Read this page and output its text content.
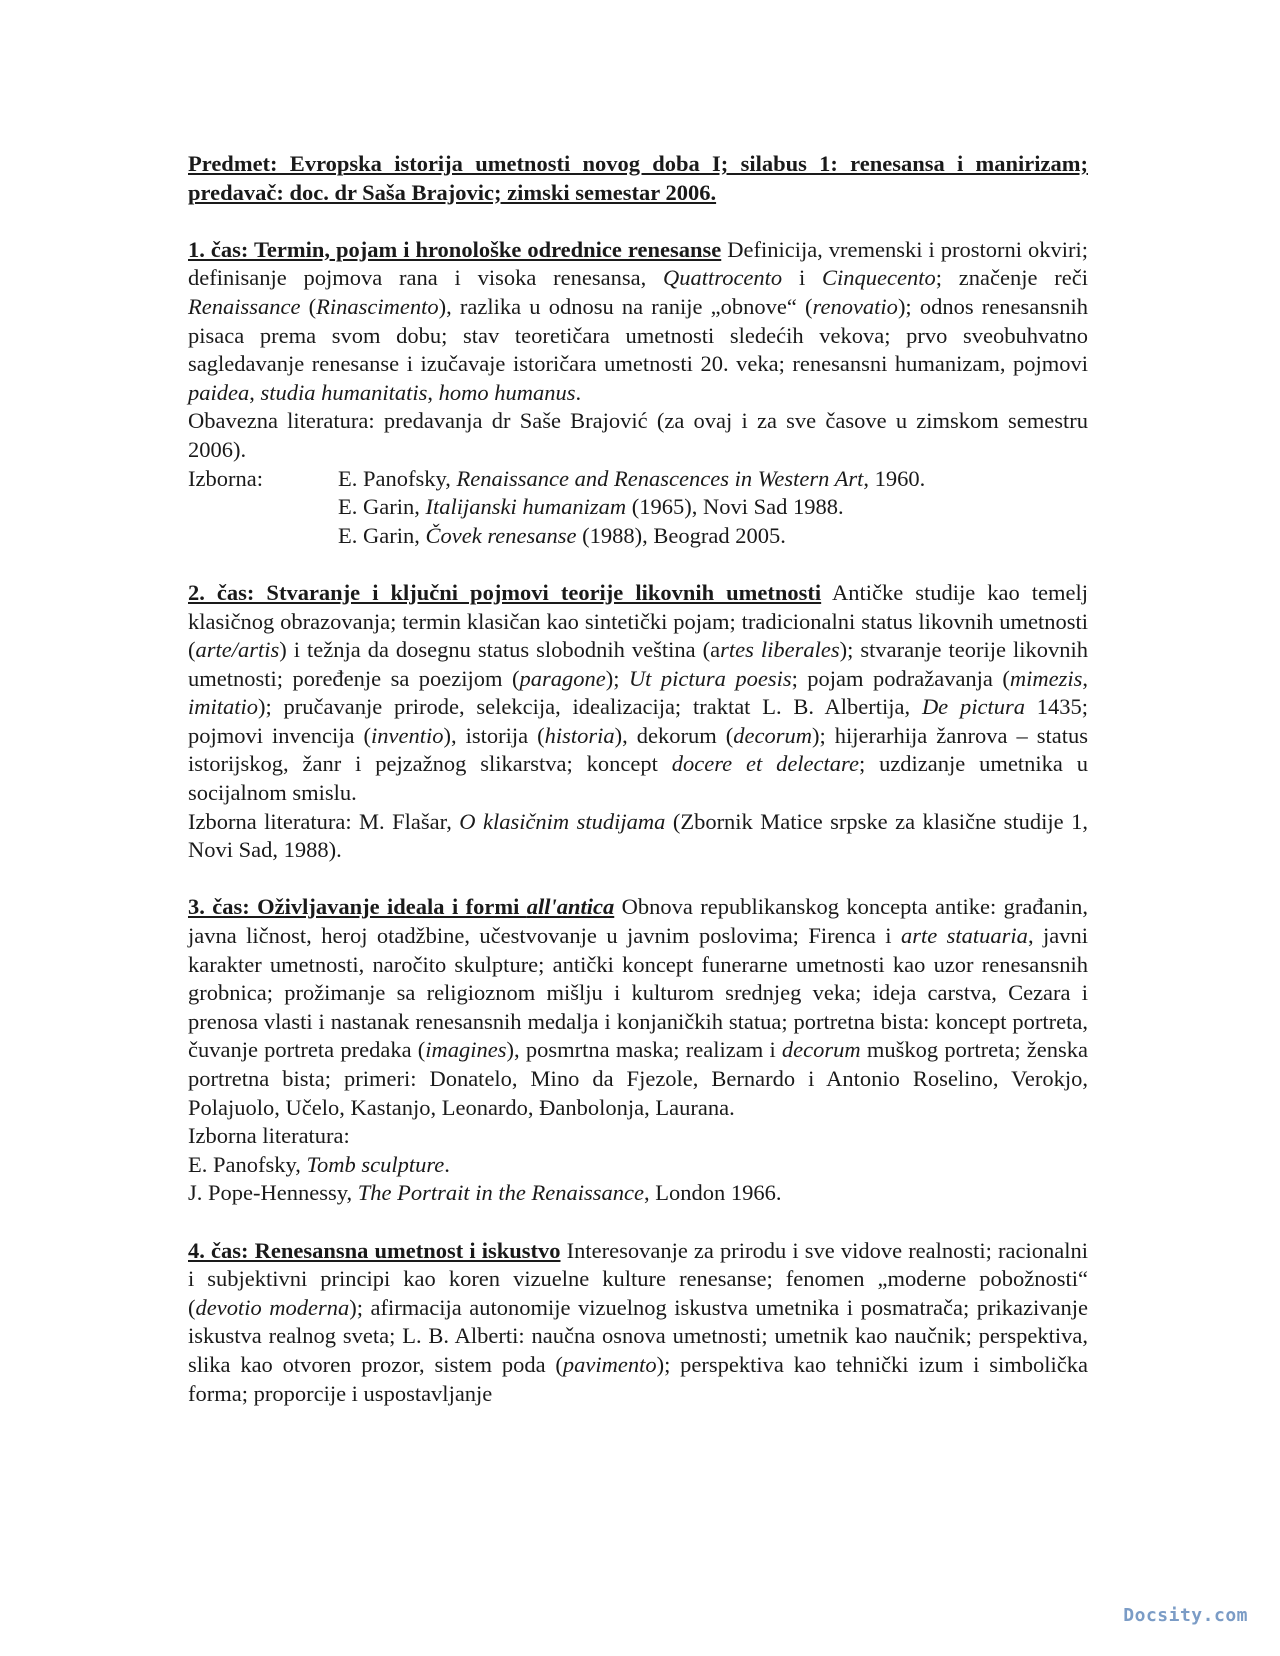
Predmet: Evropska istorija umetnosti novog doba I; silabus 1: renesansa i manirizam; predavač: doc. dr Saša Brajovic; zimski semestar 2006.

1. čas: Termin, pojam i hronološke odrednice renesanse Definicija, vremenski i prostorni okviri; definisanje pojmova rana i visoka renesansa, Quattrocento i Cinquecento; značenje reči Renaissance (Rinascimento), razlika u odnosu na ranije „obnove“ (renovatio); odnos renesansnih pisaca prema svom dobu; stav teoretičara umetnosti sledećih vekova; prvo sveobuhvatno sagledavanje renesanse i izučavaje istoričara umetnosti 20. veka; renesansni humanizam, pojmovi paidea, studia humanitatis, homo humanus.

Obavezna literatura: predavanja dr Saše Brajović (za ovaj i za sve časove u zimskom semestru 2006).

Izborna:	E. Panofsky, Renaissance and Renascences in Western Art, 1960.
E. Garin, Italijanski humanizam (1965), Novi Sad 1988.
E. Garin, Čovek renesanse (1988), Beograd 2005.

2. čas: Stvaranje i ključni pojmovi teorije likovnih umetnosti Antičke studije kao temelj klasičnog obrazovanja; termin klasičan kao sintetički pojam; tradicionalni status likovnih umetnosti (arte/artis) i težnja da dosegnu status slobodnih veština (artes liberales); stvaranje teorije likovnih umetnosti; poređenje sa poezijom (paragone); Ut pictura poesis; pojam podražavanja (mimezis, imitatio); pručavanje prirode, selekcija, idealizacija; traktat L. B. Albertija, De pictura 1435; pojmovi invencija (inventio), istorija (historia), dekorum (decorum); hijerarhija žanrova – status istorijskog, žanr i pejzažnog slikarstva; koncept docere et delectare; uzdizanje umetnika u socijalnom smislu.

Izborna literatura: M. Flašar, O klasičnim studijama (Zbornik Matice srpske za klasične studije 1, Novi Sad, 1988).

3. čas: Oživljavanje ideala i formi all'antica Obnova republikanskog koncepta antike: građanin, javna ličnost, heroj otadžbine, učestvovanje u javnim poslovima; Firenca i arte statuaria, javni karakter umetnosti, naročito skulpture; antički koncept funerarne umetnosti kao uzor renesansnih grobnica; prožimanje sa religioznom mišlju i kulturom srednjeg veka; ideja carstva, Cezara i prenosa vlasti i nastanak renesansnih medalja i konjaničkih statua; portretna bista: koncept portreta, čuvanje portreta predaka (imagines), posmrtna maska; realizam i decorum muškog portreta; ženska portretna bista; primeri: Donatelo, Mino da Fjezole, Bernardo i Antonio Roselino, Verokjo, Polajuolo, Učelo, Kastanjo, Leonardo, Đanbolonja, Laurana.

Izborna literatura:
E. Panofsky, Tomb sculpture.
J. Pope-Hennessy, The Portrait in the Renaissance, London 1966.

4. čas: Renesansna umetnost i iskustvo Interesovanje za prirodu i sve vidove realnosti; racionalni i subjektivni principi kao koren vizuelne kulture renesanse; fenomen „moderne pobožnosti“ (devotio moderna); afirmacija autonomije vizuelnog iskustva umetnika i posmatrača; prikazivanje iskustva realnog sveta; L. B. Alberti: naučna osnova umetnosti; umetnik kao naučnik; perspektiva, slika kao otvoren prozor, sistem poda (pavimento); perspektiva kao tehnički izum i simbolička forma; proporcije i uspostavljanje

Docsity.com
